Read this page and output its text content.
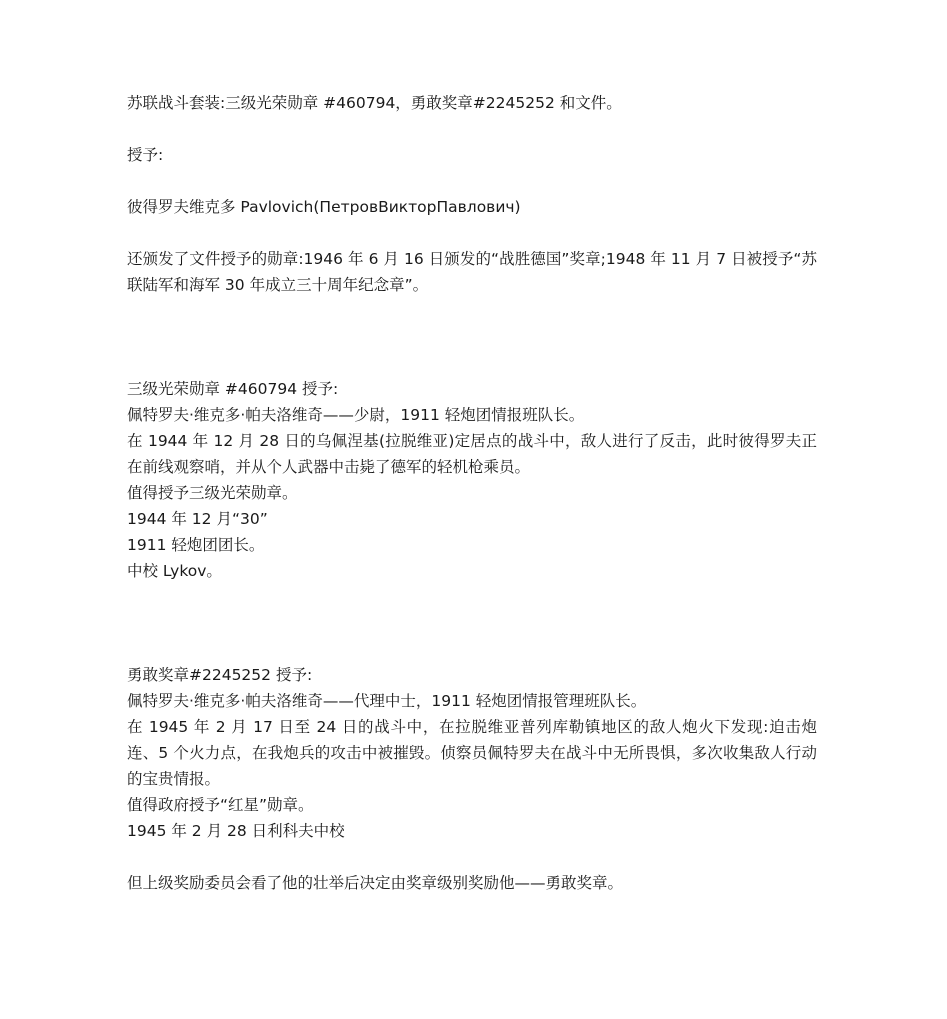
苏联战斗套装:三级光荣勋章 #460794，勇敢奖章#2245252 和文件。

授予:

彼得罗夫维克多 Pavlovich(ПетровВикторПавлович)

还颁发了文件授予的勋章:1946 年 6 月 16 日颁发的“战胜德国”奖章;1948 年 11 月 7 日被授予“苏联陆军和海军 30 年成立三十周年纪念章”。

三级光荣勋章 #460794 授予:

佩特罗夫·维克多·帕夫洛维奇——少尉，1911 轻炮团情报班队长。

在 1944 年 12 月 28 日的乌佩涅基(拉脱维亚)定居点的战斗中，敌人进行了反击，此时彼得罗夫正在前线观察哨，并从个人武器中击毙了德军的轻机枪乘员。

值得授予三级光荣勋章。

1944 年 12 月“30”

1911 轻炮团团长。

中校 Lykov。

勇敢奖章#2245252 授予:

佩特罗夫·维克多·帕夫洛维奇——代理中士，1911 轻炮团情报管理班队长。

在 1945 年 2 月 17 日至 24 日的战斗中，在拉脱维亚普列库勒镇地区的敌人炮火下发现:迫击炮连、5 个火力点，在我炮兵的攻击中被摧毁。侦察员佩特罗夫在战斗中无所畏惧，多次收集敌人行动的宝贵情报。

值得政府授予“红星”勋章。

1945 年 2 月 28 日利科夫中校

但上级奖励委员会看了他的壮举后决定由奖章级别奖励他——勇敢奖章。
